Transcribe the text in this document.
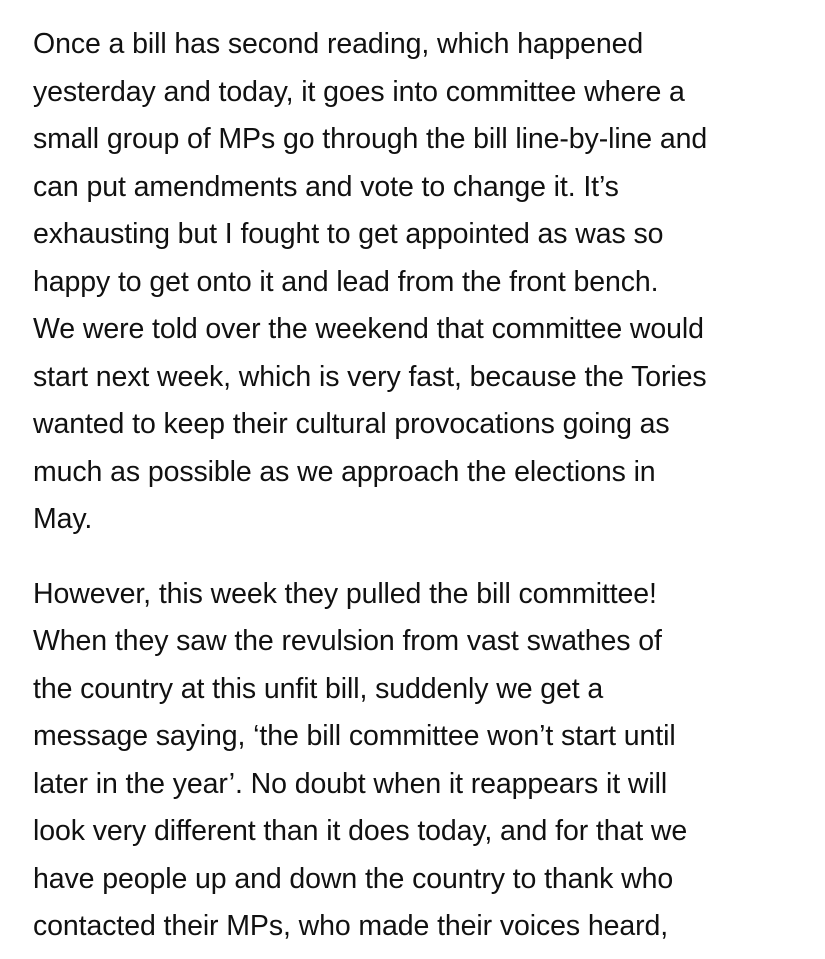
Once a bill has second reading, which happened
yesterday and today, it goes into committee where a
small group of MPs go through the bill line-by-line and
can put amendments and vote to change it. It’s
exhausting but I fought to get appointed as was so
happy to get onto it and lead from the front bench.
We were told over the weekend that committee would
start next week, which is very fast, because the Tories
wanted to keep their cultural provocations going as
much as possible as we approach the elections in
May.

However, this week they pulled the bill committee!
When they saw the revulsion from vast swathes of
the country at this unfit bill, suddenly we get a
message saying, ‘the bill committee won’t start until
later in the year’. No doubt when it reappears it will
look very different than it does today, and for that we
have people up and down the country to thank who
contacted their MPs, who made their voices heard,
